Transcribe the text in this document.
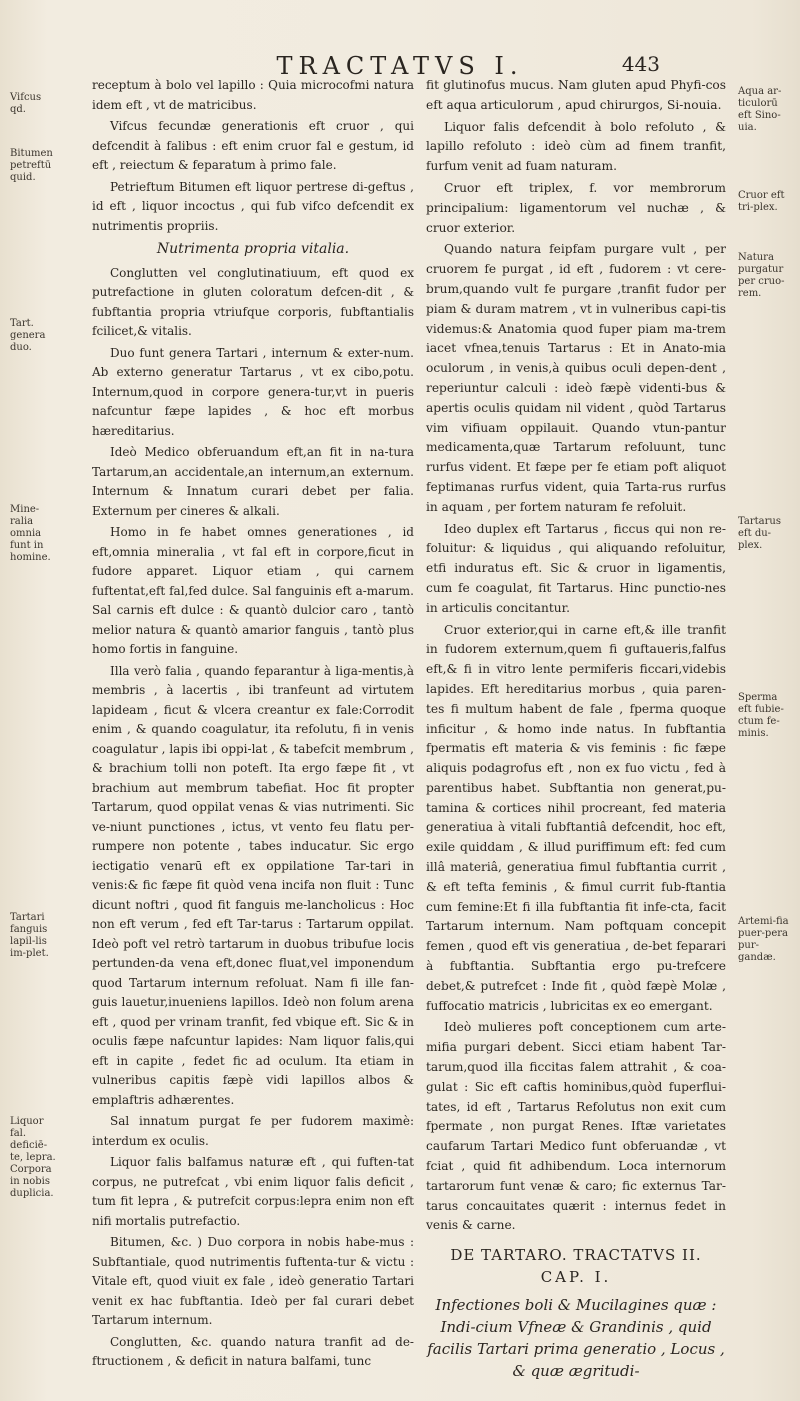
TRACTATVS I.	443
Vifcus qd.
Bitumen petreftū quid.
Tart. genera duo.
Mine-ralia omnia funt in homine.
Tartari fanguis lapil-lis im-plet.
Liquor fal. deficiē-te, lepra. Corpora in nobis duplicia.
Aqua ar-ticulorū eft Sino-uia.
Cruor eft tri-plex.
Natura purgatur per cruo-rem.
Tartarus eft du-plex.
Sperma eft fubie-ctum fe-minis.
Artemi-fia puer-pera pur-gandæ.

receptum à bolo vel lapillo : Quia microcofmi natura idem eft , vt de matricibus.

Vifcus fecundæ generationis eft cruor , qui defcendit à falibus : eft enim cruor fal e gestum, id eft , reiectum & feparatum à primo fale.

Petrieftum Bitumen eft liquor pertrese di-geftus , id eft , liquor incoctus , qui fub vifco defcendit ex nutrimentis propriis.

Nutrimenta propria vitalia.

Conglutten vel conglutinatiuum, eft quod ex putrefactione in gluten coloratum defcen-dit , & fubftantia propria vtriufque corporis, fubftantialis fcilicet,& vitalis.

Duo funt genera Tartari , internum & exter-num. Ab externo generatur Tartarus , vt ex cibo,potu. Internum,quod in corpore genera-tur,vt in pueris nafcuntur fæpe lapides , & hoc eft morbus hæreditarius.

Ideò Medico obferuandum eft,an fit in na-tura Tartarum,an accidentale,an internum,an externum. Internum & Innatum curari debet per falia. Externum per cineres & alkali.

Homo in fe habet omnes generationes , id eft,omnia mineralia , vt fal eft in corpore,ficut in fudore apparet. Liquor etiam , qui carnem fuftentat,eft fal,fed dulce. Sal fanguinis eft a-marum. Sal carnis eft dulce : & quantò dulcior caro , tantò melior natura & quantò amarior fanguis , tantò plus homo fortis in fanguine.

Illa verò falia , quando feparantur à liga-mentis,à membris , à lacertis , ibi tranfeunt ad virtutem lapideam , ficut & vlcera creantur ex fale:Corrodit enim , & quando coagulatur, ita refolutu, fi in venis coagulatur , lapis ibi oppi-lat , & tabefcit membrum , & brachium tolli non poteft. Ita ergo fæpe fit , vt brachium aut membrum tabefiat. Hoc fit propter Tartarum, quod oppilat venas & vias nutrimenti. Sic ve-niunt punctiones , ictus, vt vento feu flatu per-rumpere non potente , tabes inducatur. Sic ergo iectigatio venarū eft ex oppilatione Tar-tari in venis:& fic fæpe fit quòd vena incifa non fluit : Tunc dicunt noftri , quod fit fanguis me-lancholicus : Hoc non eft verum , fed eft Tar-tarus : Tartarum oppilat. Ideò poft vel retrò tartarum in duobus tribufue locis pertunden-da vena eft,donec fluat,vel imponendum quod Tartarum internum refoluat. Nam fi ille fan-guis lauetur,inueniens lapillos. Ideò non folum arena eft , quod per vrinam tranfit, fed vbique eft. Sic & in oculis fæpe nafcuntur lapides: Nam liquor falis,qui eft in capite , fedet fic ad oculum. Ita etiam in vulneribus capitis fæpè vidi lapillos albos & emplaftris adhærentes.

Sal innatum purgat fe per fudorem maximè: interdum ex oculis.

Liquor falis balfamus naturæ eft , qui fuften-tat corpus, ne putrefcat , vbi enim liquor falis deficit , tum fit lepra , & putrefcit corpus:lepra enim non eft nifi mortalis putrefactio.

Bitumen, &c. ) Duo corpora in nobis habe-mus : Subftantiale, quod nutrimentis fuftenta-tur & victu : Vitale eft, quod viuit ex fale , ideò generatio Tartari venit ex hac fubftantia. Ideò per fal curari debet Tartarum internum.

Conglutten, &c. quando natura tranfit ad de-ftructionem , & deficit in natura balfami, tunc

fit glutinofus mucus. Nam gluten apud Phyfi-cos eft aqua articulorum , apud chirurgos, Si-nouia.

Liquor falis defcendit à bolo refoluto , & lapillo refoluto : ideò cùm ad finem tranfit, furfum venit ad fuam naturam.

Cruor eft triplex, f. vor membrorum principalium: ligamentorum vel nuchæ , & cruor exterior.

Quando natura feipfam purgare vult , per cruorem fe purgat , id eft , fudorem : vt cere-brum,quando vult fe purgare ,tranfit fudor per piam & duram matrem , vt in vulneribus capi-tis videmus:& Anatomia quod fuper piam ma-trem iacet vfnea,tenuis Tartarus : Et in Anato-mia oculorum , in venis,à quibus oculi depen-dent , reperiuntur calculi : ideò fæpè videnti-bus & apertis oculis quidam nil vident , quòd Tartarus vim vifiuam oppilauit. Quando vtun-pantur medicamenta,quæ Tartarum refoluunt, tunc rurfus vident. Et fæpe per fe etiam poft aliquot feptimanas rurfus vident, quia Tarta-rus rurfus in aquam , per fortem naturam fe refoluit.

Ideo duplex eft Tartarus , ficcus qui non re-foluitur: & liquidus , qui aliquando refoluitur, etfi induratus eft. Sic & cruor in ligamentis, cum fe coagulat, fit Tartarus. Hinc punctio-nes in articulis concitantur.

Cruor exterior,qui in carne eft,& ille tranfit in fudorem externum,quem fi guftaueris,falfus eft,& fi in vitro lente permiferis ficcari,videbis lapides. Eft hereditarius morbus , quia paren-tes fi multum habent de fale , fperma quoque inficitur , & homo inde natus. In fubftantia fpermatis eft materia & vis feminis : fic fæpe aliquis podagrofus eft , non ex fuo victu , fed à parentibus habet. Subftantia non generat,pu-tamina & cortices nihil procreant, fed materia generatiua à vitali fubftantiâ defcendit, hoc eft, exile quiddam , & illud puriffimum eft: fed cum illâ materiâ, generatiua fimul fubftantia currit , & eft tefta feminis , & fimul currit fub-ftantia cum femine:Et fi illa fubftantia fit infe-cta, facit Tartarum internum. Nam poftquam concepit femen , quod eft vis generatiua , de-bet feparari à fubftantia. Subftantia ergo pu-trefcere debet,& putrefcet : Inde fit , quòd fæpè Molæ , fuffocatio matricis , lubricitas ex eo emergant.

Ideò mulieres poft conceptionem cum arte-mifia purgari debent. Sicci etiam habent Tar-tarum,quod illa ficcitas falem attrahit , & coa-gulat : Sic eft caftis hominibus,quòd fuperflui-tates, id eft , Tartarus Refolutus non exit cum fpermate , non purgat Renes. Iftæ varietates caufarum Tartari Medico funt obferuandæ , vt fciat , quid fit adhibendum. Loca internorum tartarorum funt venæ & caro; fic externus Tar-tarus concauitates quærit : internus fedet in venis & carne.

DE TARTARO. TRACTATVS II.
CAP. I.
Infectiones boli & Mucilagines quæ : Indi-cium Vfneæ & Grandinis , quid facilis Tartari prima generatio , Locus , & quæ ægritudi-
